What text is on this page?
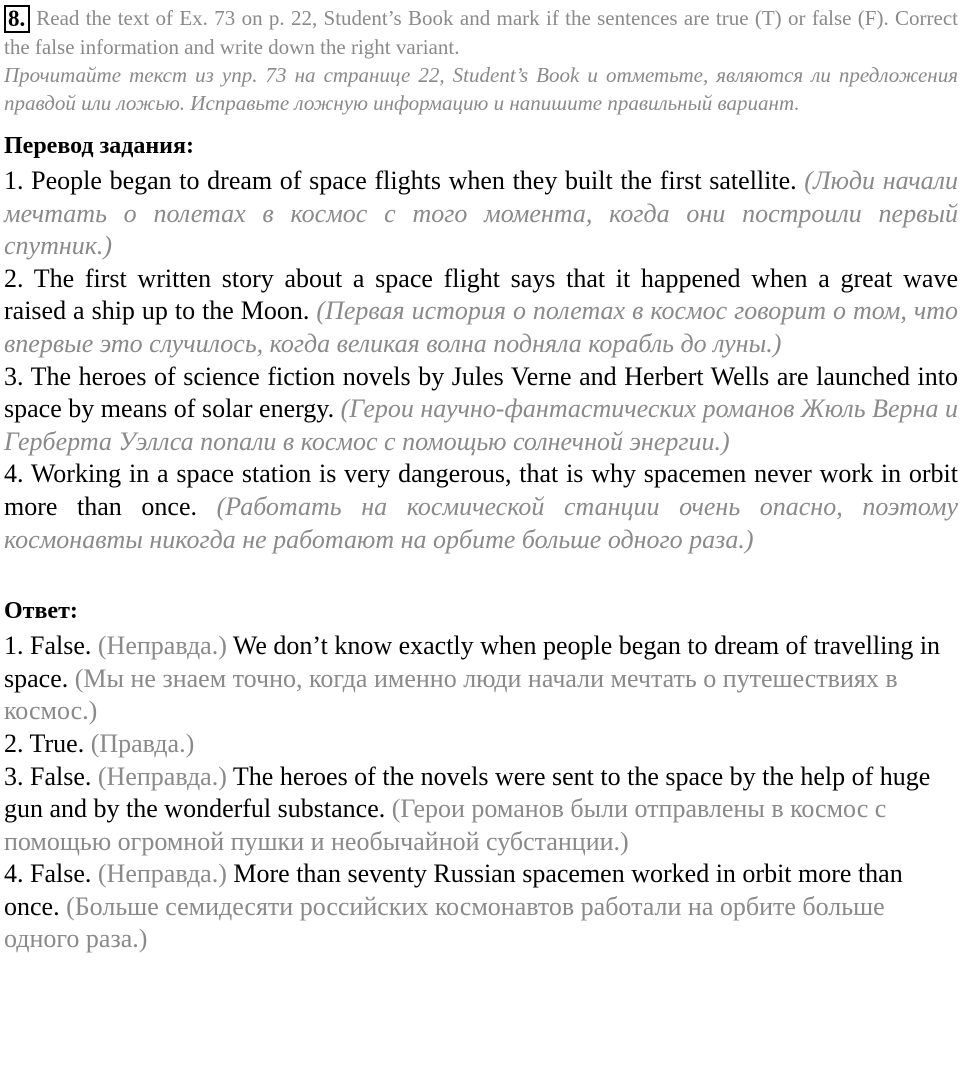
8. Read the text of Ex. 73 on p. 22, Student’s Book and mark if the sentences are true (T) or false (F). Correct the false information and write down the right variant.
Прочитайте текст из упр. 73 на странице 22, Student’s Book и отметьте, являются ли предложения правдой или ложью. Исправьте ложную информацию и напишите правильный вариант.
Перевод задания:
1. People began to dream of space flights when they built the first satellite. (Люди начали мечтать о полетах в космос с того момента, когда они построили первый спутник.)
2. The first written story about a space flight says that it happened when a great wave raised a ship up to the Moon. (Первая история о полетах в космос говорит о том, что впервые это случилось, когда великая волна подняла корабль до луны.)
3. The heroes of science fiction novels by Jules Verne and Herbert Wells are launched into space by means of solar energy. (Герои научно-фантастических романов Жюль Верна и Герберта Уэллса попали в космос с помощью солнечной энергии.)
4. Working in a space station is very dangerous, that is why spacemen never work in orbit more than once. (Работать на космической станции очень опасно, поэтому космонавты никогда не работают на орбите больше одного раза.)
Ответ:
1. False. (Неправда.) We don’t know exactly when people began to dream of travelling in space. (Мы не знаем точно, когда именно люди начали мечтать о путешествиях в космос.)
2. True. (Правда.)
3. False. (Неправда.) The heroes of the novels were sent to the space by the help of huge gun and by the wonderful substance. (Герои романов были отправлены в космос с помощью огромной пушки и необычайной субстанции.)
4. False. (Неправда.) More than seventy Russian spacemen worked in orbit more than once. (Больше семидесяти российских космонавтов работали на орбите больше одного раза.)
